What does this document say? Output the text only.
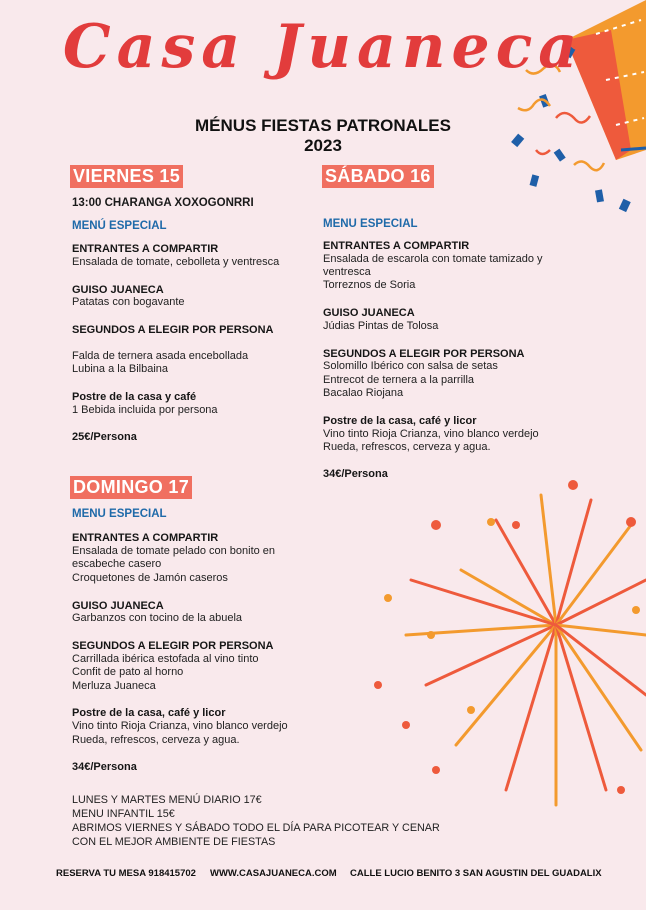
Casa Juaneca
MÉNUS FIESTAS PATRONALES
2023
VIERNES 15
13:00 CHARANGA XOXOGONRRI
MENÚ ESPECIAL
ENTRANTES A COMPARTIR
Ensalada de tomate, cebolleta y ventresca
GUISO JUANECA
Patatas con bogavante
SEGUNDOS A ELEGIR POR PERSONA
Falda de ternera asada encebollada
Lubina a la Bilbaina
Postre de la casa y café
1 Bebida incluida por persona
25€/Persona
SÁBADO 16
MENU ESPECIAL
ENTRANTES A COMPARTIR
Ensalada de escarola con tomate tamizado y
ventresca
Torreznos de Soria
GUISO JUANECA
Júdias Pintas de Tolosa
SEGUNDOS A ELEGIR POR PERSONA
Solomillo Ibérico con salsa de setas
Entrecot de ternera a la parrilla
Bacalao Riojana
Postre de la casa, café y licor
Vino tinto Rioja Crianza, vino blanco verdejo
Rueda, refrescos, cerveza y agua.
34€/Persona
DOMINGO 17
MENU ESPECIAL
ENTRANTES A COMPARTIR
Ensalada de tomate pelado con bonito en
escabeche casero
Croquetones de Jamón caseros
GUISO JUANECA
Garbanzos con tocino de la abuela
SEGUNDOS A ELEGIR POR PERSONA
Carrillada ibérica estofada al vino tinto
Confit de pato al horno
Merluza Juaneca
Postre de la casa, café y licor
Vino tinto Rioja Crianza, vino blanco verdejo
Rueda, refrescos, cerveza y agua.
34€/Persona
LUNES Y MARTES MENÚ DIARIO 17€
MENU INFANTIL 15€
ABRIMOS VIERNES Y SÁBADO TODO EL DÍA PARA PICOTEAR Y CENAR
CON EL MEJOR AMBIENTE DE FIESTAS
RESERVA TU MESA 918415702 WWW.CASAJUANECA.COM CALLE LUCIO BENITO 3 SAN AGUSTIN DEL GUADALIX
